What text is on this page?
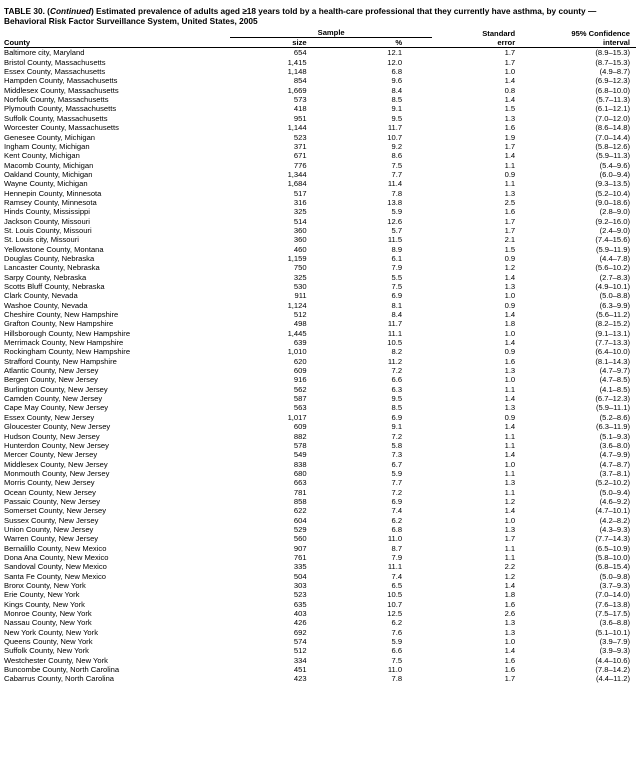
TABLE 30. (Continued) Estimated prevalence of adults aged ≥18 years told by a health-care professional that they currently have asthma, by county — Behavioral Risk Factor Surveillance System, United States, 2005
	Sample		Standard	95% Confidence
County	size	%	error	interval
Baltimore city, Maryland	654	12.1	1.7	(8.9–15.3)
Bristol County, Massachusetts	1,415	12.0	1.7	(8.7–15.3)
Essex County, Massachusetts	1,148	6.8	1.0	(4.9–8.7)
Hampden County, Massachusetts	854	9.6	1.4	(6.9–12.3)
Middlesex County, Massachusetts	1,669	8.4	0.8	(6.8–10.0)
Norfolk County, Massachusetts	573	8.5	1.4	(5.7–11.3)
Plymouth County, Massachusetts	418	9.1	1.5	(6.1–12.1)
Suffolk County, Massachusetts	951	9.5	1.3	(7.0–12.0)
Worcester County, Massachusetts	1,144	11.7	1.6	(8.6–14.8)
Genesee County, Michigan	523	10.7	1.9	(7.0–14.4)
Ingham County, Michigan	371	9.2	1.7	(5.8–12.6)
Kent County, Michigan	671	8.6	1.4	(5.9–11.3)
Macomb County, Michigan	776	7.5	1.1	(5.4–9.6)
Oakland County, Michigan	1,344	7.7	0.9	(6.0–9.4)
Wayne County, Michigan	1,684	11.4	1.1	(9.3–13.5)
Hennepin County, Minnesota	517	7.8	1.3	(5.2–10.4)
Ramsey County, Minnesota	316	13.8	2.5	(9.0–18.6)
Hinds County, Mississippi	325	5.9	1.6	(2.8–9.0)
Jackson County, Missouri	514	12.6	1.7	(9.2–16.0)
St. Louis County, Missouri	360	5.7	1.7	(2.4–9.0)
St. Louis city, Missouri	360	11.5	2.1	(7.4–15.6)
Yellowstone County, Montana	460	8.9	1.5	(5.9–11.9)
Douglas County, Nebraska	1,159	6.1	0.9	(4.4–7.8)
Lancaster County, Nebraska	750	7.9	1.2	(5.6–10.2)
Sarpy County, Nebraska	325	5.5	1.4	(2.7–8.3)
Scotts Bluff County, Nebraska	530	7.5	1.3	(4.9–10.1)
Clark County, Nevada	911	6.9	1.0	(5.0–8.8)
Washoe County, Nevada	1,124	8.1	0.9	(6.3–9.9)
Cheshire County, New Hampshire	512	8.4	1.4	(5.6–11.2)
Grafton County, New Hampshire	498	11.7	1.8	(8.2–15.2)
Hillsborough County, New Hampshire	1,445	11.1	1.0	(9.1–13.1)
Merrimack County, New Hampshire	639	10.5	1.4	(7.7–13.3)
Rockingham County, New Hampshire	1,010	8.2	0.9	(6.4–10.0)
Strafford County, New Hampshire	620	11.2	1.6	(8.1–14.3)
Atlantic County, New Jersey	609	7.2	1.3	(4.7–9.7)
Bergen County, New Jersey	916	6.6	1.0	(4.7–8.5)
Burlington County, New Jersey	562	6.3	1.1	(4.1–8.5)
Camden County, New Jersey	587	9.5	1.4	(6.7–12.3)
Cape May County, New Jersey	563	8.5	1.3	(5.9–11.1)
Essex County, New Jersey	1,017	6.9	0.9	(5.2–8.6)
Gloucester County, New Jersey	609	9.1	1.4	(6.3–11.9)
Hudson County, New Jersey	882	7.2	1.1	(5.1–9.3)
Hunterdon County, New Jersey	578	5.8	1.1	(3.6–8.0)
Mercer County, New Jersey	549	7.3	1.4	(4.7–9.9)
Middlesex County, New Jersey	838	6.7	1.0	(4.7–8.7)
Monmouth County, New Jersey	680	5.9	1.1	(3.7–8.1)
Morris County, New Jersey	663	7.7	1.3	(5.2–10.2)
Ocean County, New Jersey	781	7.2	1.1	(5.0–9.4)
Passaic County, New Jersey	858	6.9	1.2	(4.6–9.2)
Somerset County, New Jersey	622	7.4	1.4	(4.7–10.1)
Sussex County, New Jersey	604	6.2	1.0	(4.2–8.2)
Union County, New Jersey	529	6.8	1.3	(4.3–9.3)
Warren County, New Jersey	560	11.0	1.7	(7.7–14.3)
Bernalillo County, New Mexico	907	8.7	1.1	(6.5–10.9)
Dona Ana County, New Mexico	761	7.9	1.1	(5.8–10.0)
Sandoval County, New Mexico	335	11.1	2.2	(6.8–15.4)
Santa Fe County, New Mexico	504	7.4	1.2	(5.0–9.8)
Bronx County, New York	303	6.5	1.4	(3.7–9.3)
Erie County, New York	523	10.5	1.8	(7.0–14.0)
Kings County, New York	635	10.7	1.6	(7.6–13.8)
Monroe County, New York	403	12.5	2.6	(7.5–17.5)
Nassau County, New York	426	6.2	1.3	(3.6–8.8)
New York County, New York	692	7.6	1.3	(5.1–10.1)
Queens County, New York	574	5.9	1.0	(3.9–7.9)
Suffolk County, New York	512	6.6	1.4	(3.9–9.3)
Westchester County, New York	334	7.5	1.6	(4.4–10.6)
Buncombe County, North Carolina	451	11.0	1.6	(7.8–14.2)
Cabarrus County, North Carolina	423	7.8	1.7	(4.4–11.2)
